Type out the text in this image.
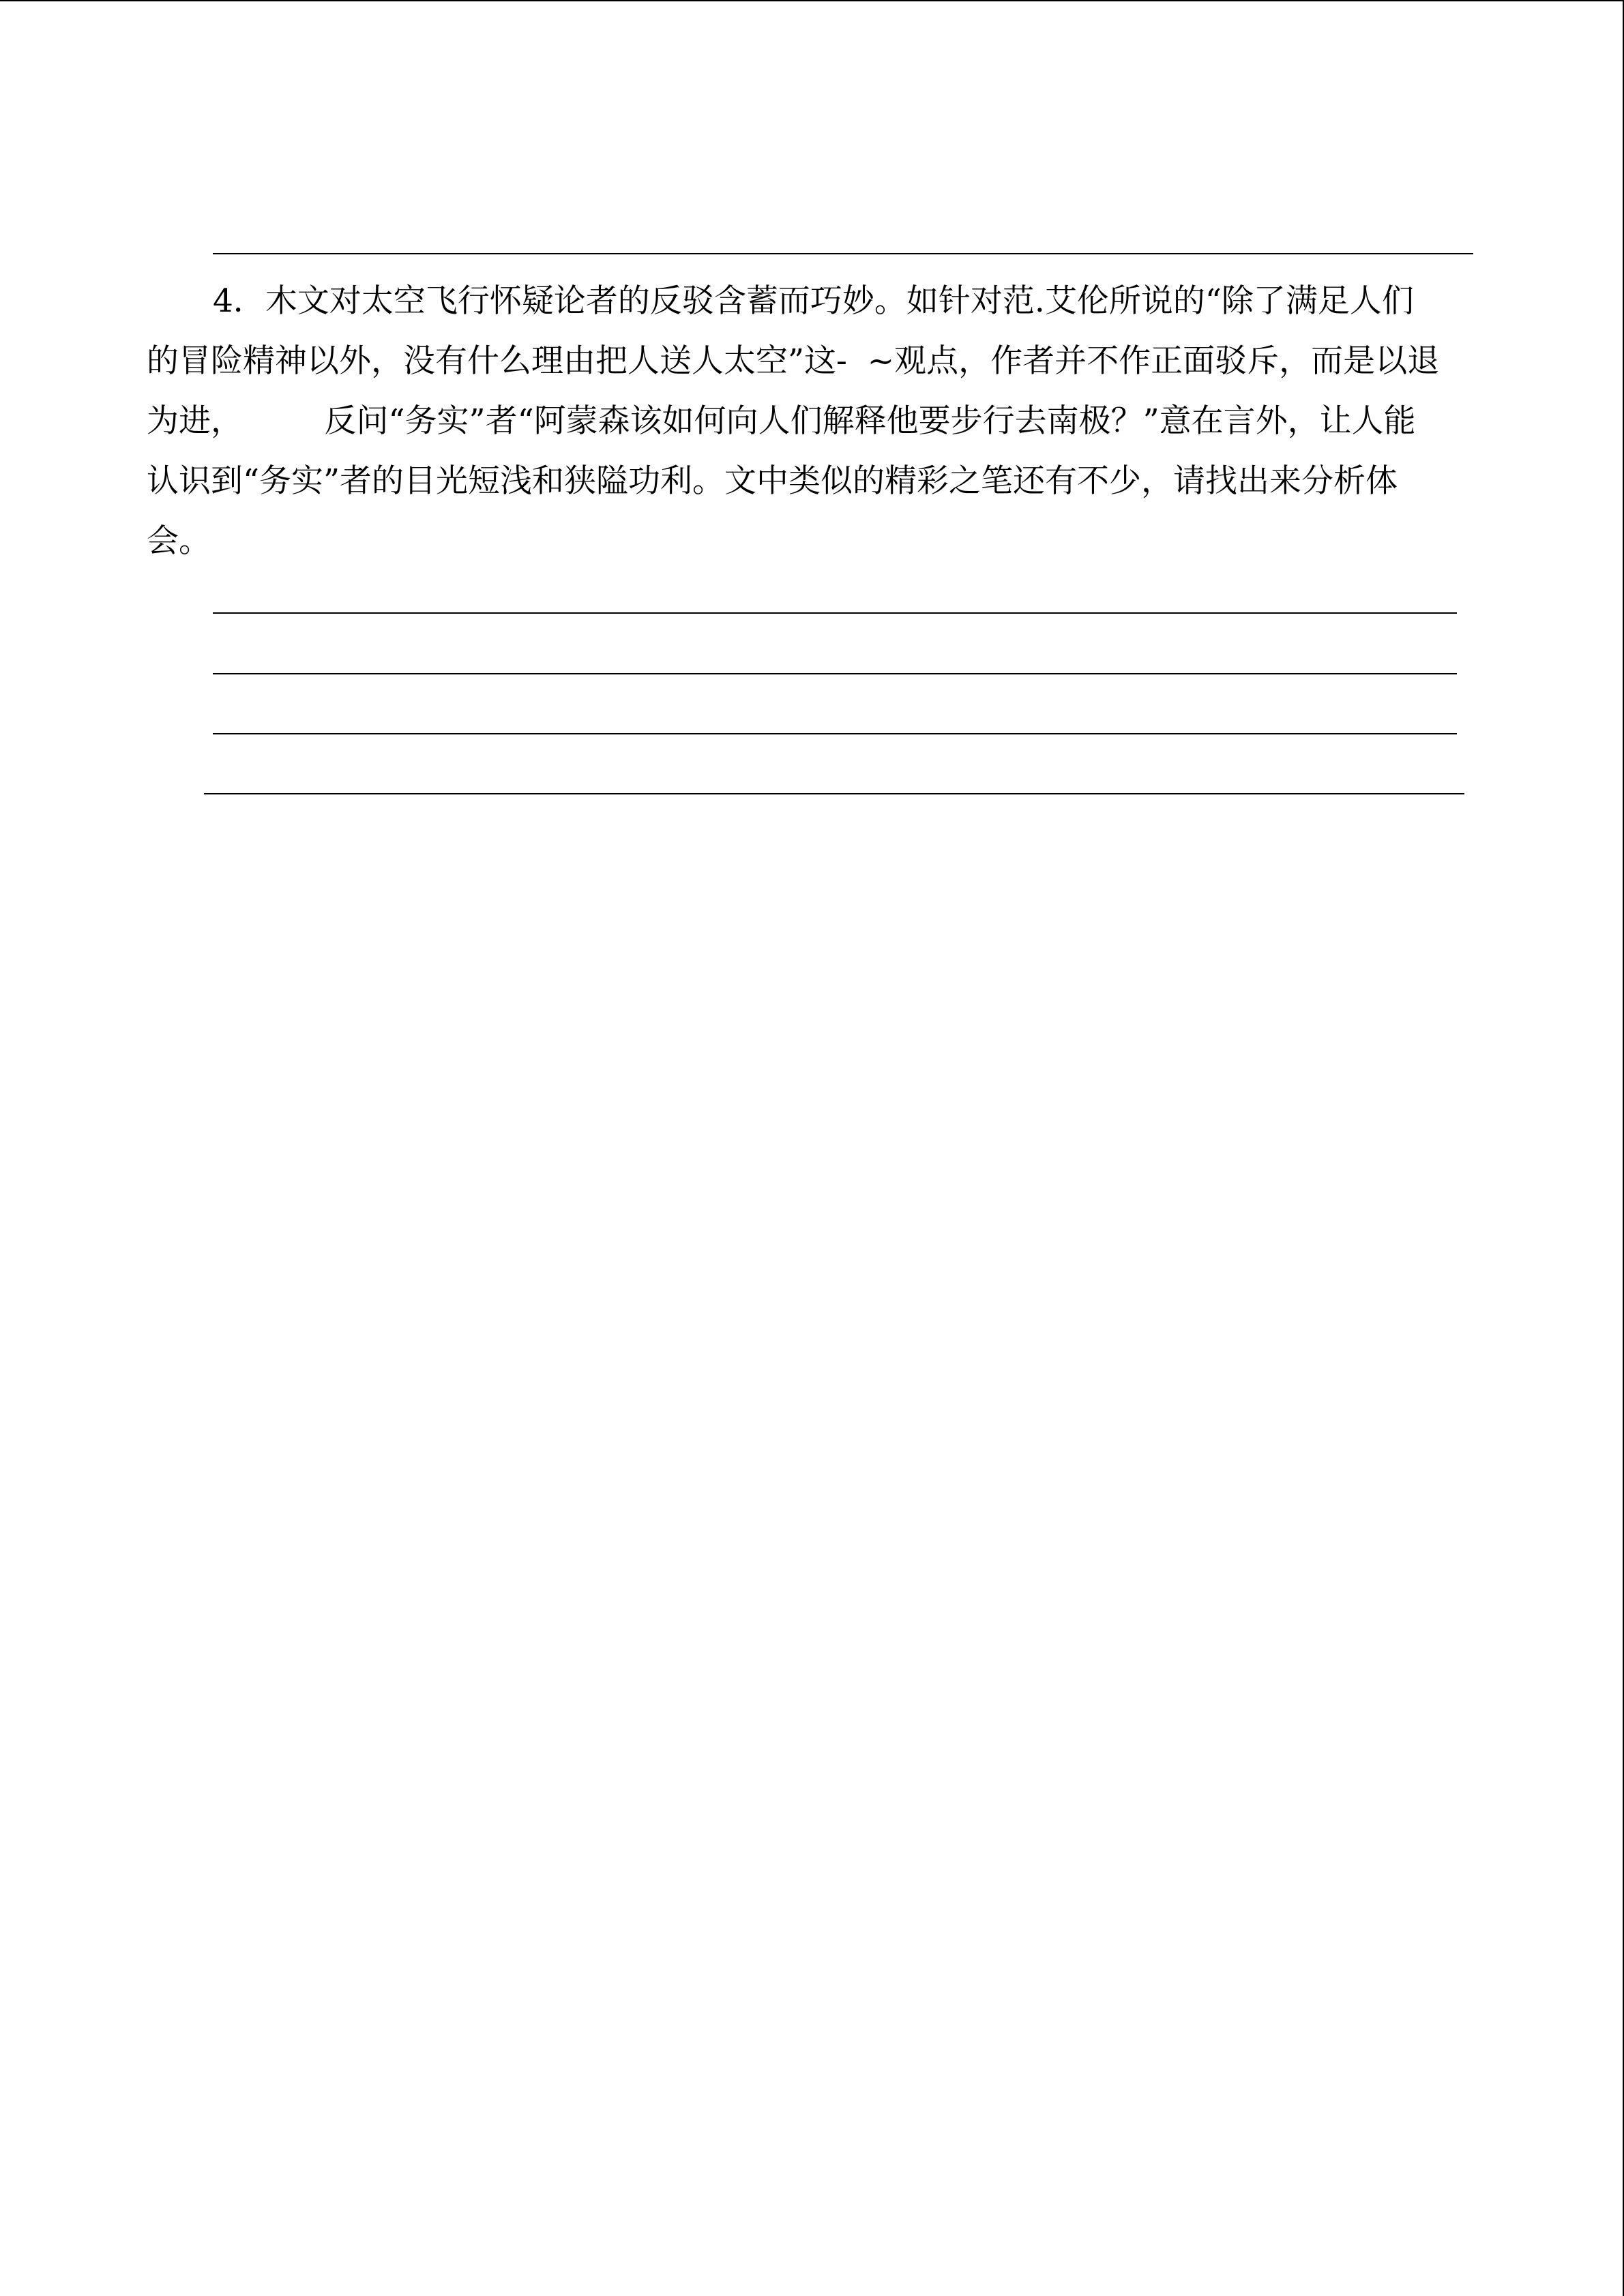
4．木文对太空飞行怀疑论者的反驳含蓄而巧妙。如针对范.艾伦所说的“除了满足人们
的冒险精神以外，没有什么理由把人送人太空”这-  ~观点，作者并不作正面驳斥，而是以退
为进，        反问“务实”者“阿蒙森该如何向人们解释他要步行去南极？”意在言外，让人能
认识到“务实”者的目光短浅和狭隘功利。文中类似的精彩之笔还有不少，请找出来分析体
会。
